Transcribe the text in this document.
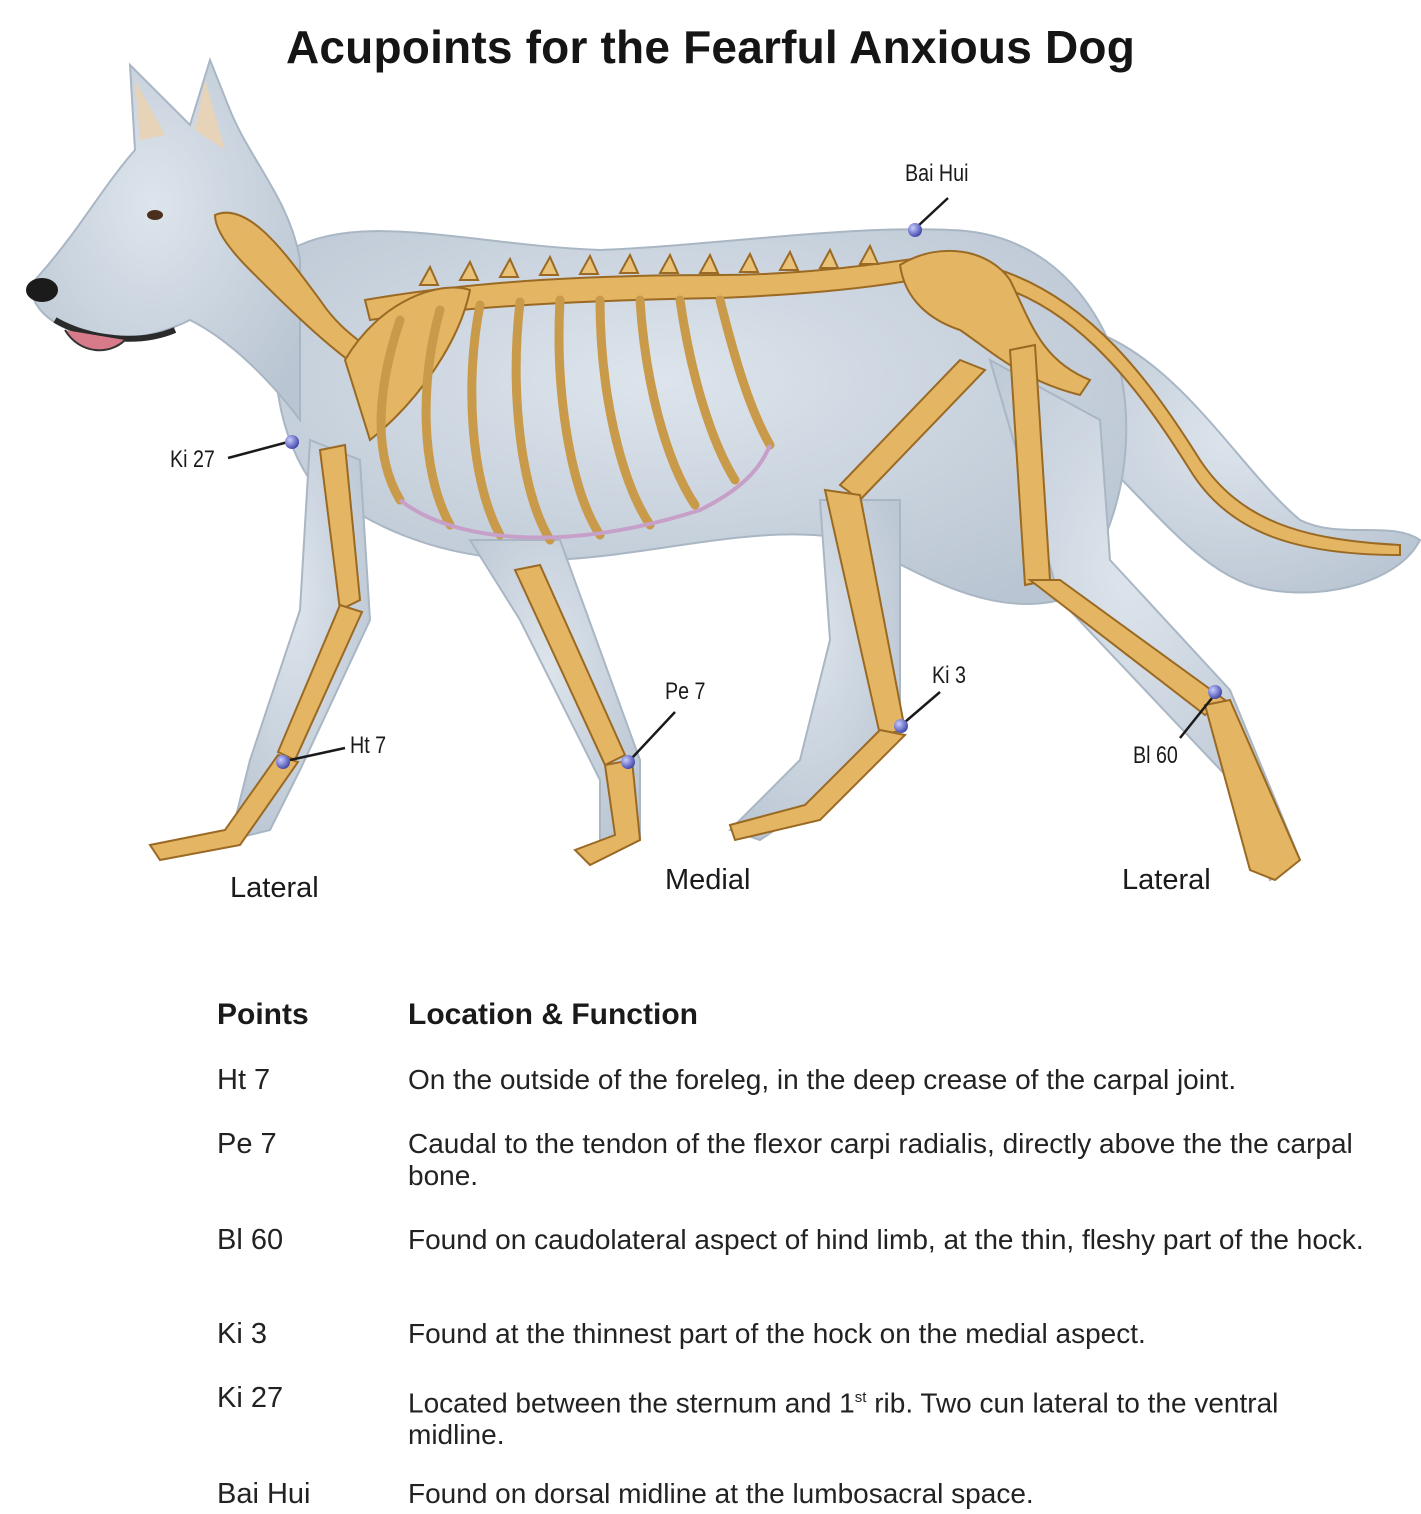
Acupoints for the Fearful Anxious Dog
Bai Hui
Ki 27
Ht 7
Pe 7
Ki 3
Bl 60
Lateral	Medial	Lateral
Points	Location & Function
Ht 7	On the outside of the foreleg, in the deep crease of the carpal joint.
Pe 7	Caudal to the tendon of the flexor carpi radialis, directly above the the carpal bone.
Bl 60	Found on caudolateral aspect of hind limb, at the thin, fleshy part of the hock.
Ki 3	Found at the thinnest part of the hock on the medial aspect.
Ki 27	Located between the sternum and 1st rib. Two cun lateral to the ventral midline.
Bai Hui	Found on dorsal midline at the lumbosacral space.
